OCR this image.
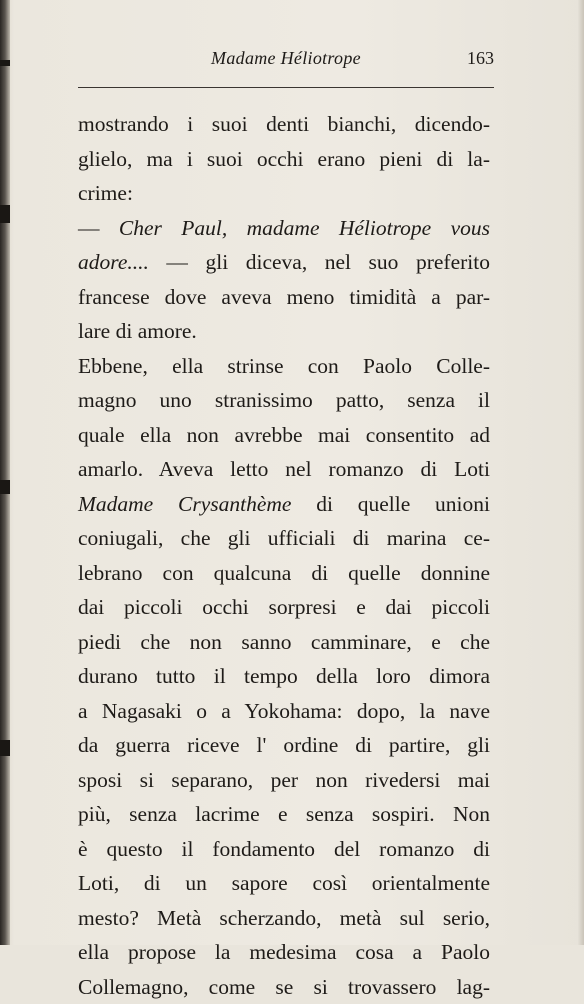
Madame Héliotrope	163
mostrando i suoi denti bianchi, dicendo-
glielo, ma i suoi occhi erano pieni di la-
crime:
— Cher Paul, madame Héliotrope vous
adore.... — gli diceva, nel suo preferito
francese dove aveva meno timidità a par-
lare di amore.
Ebbene, ella strinse con Paolo Colle-
magno uno stranissimo patto, senza il
quale ella non avrebbe mai consentito ad
amarlo. Aveva letto nel romanzo di Loti
Madame Crysanthème di quelle unioni
coniugali, che gli ufficiali di marina ce-
lebrano con qualcuna di quelle donnine
dai piccoli occhi sorpresi e dai piccoli
piedi che non sanno camminare, e che
durano tutto il tempo della loro dimora
a Nagasaki o a Yokohama: dopo, la nave
da guerra riceve l' ordine di partire, gli
sposi si separano, per non rivedersi mai
più, senza lacrime e senza sospiri. Non
è questo il fondamento del romanzo di
Loti, di un sapore così orientalmente
mesto? Metà scherzando, metà sul serio,
ella propose la medesima cosa a Paolo
Collemagno, come se si trovassero lag-
